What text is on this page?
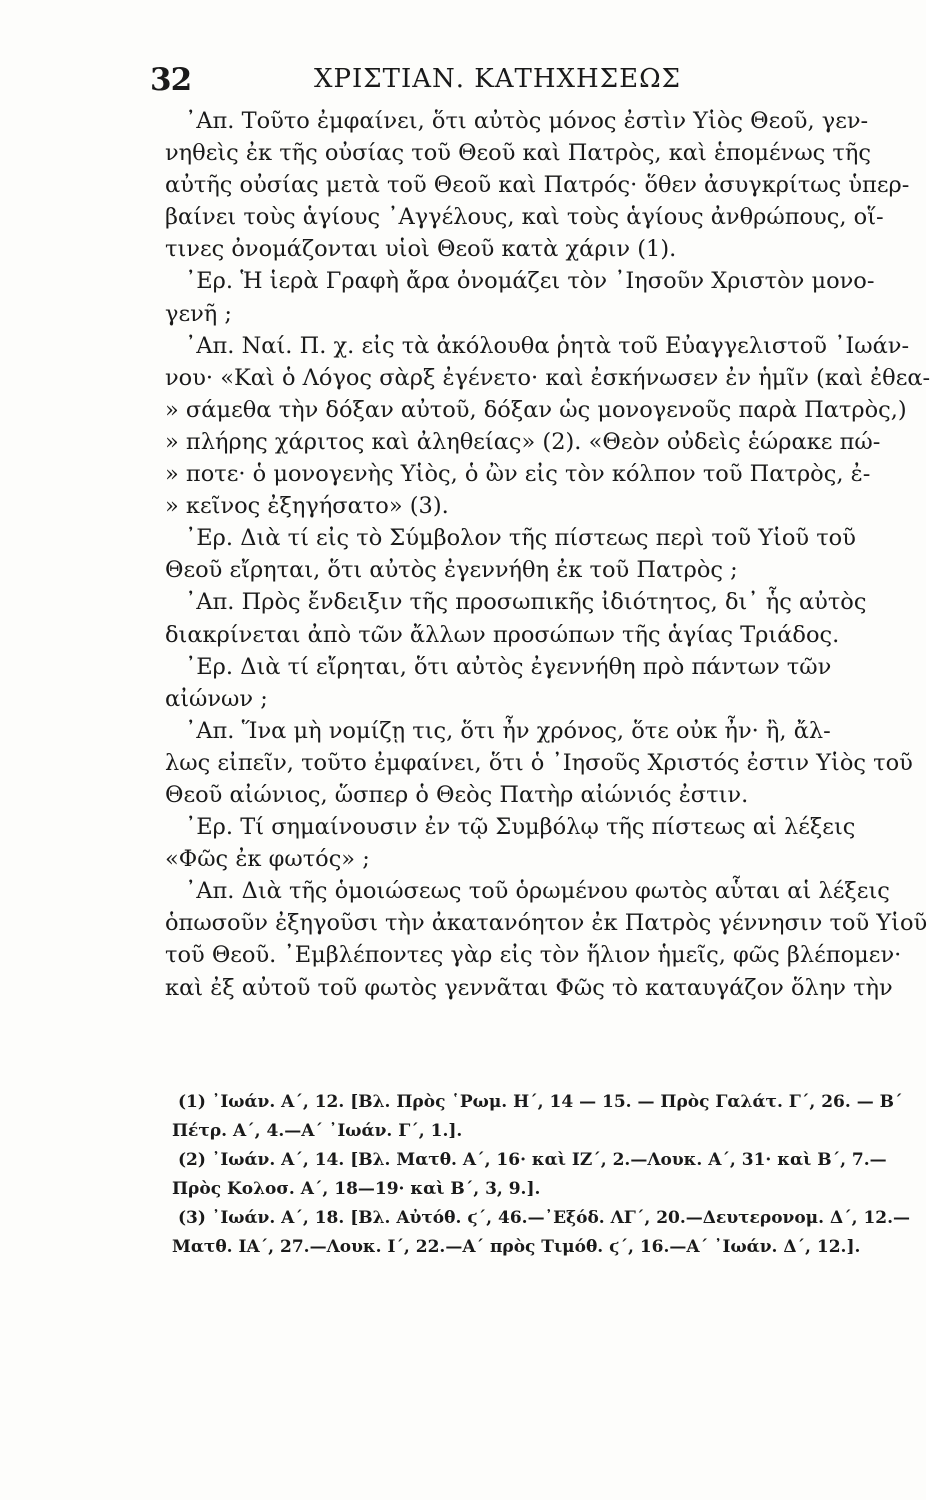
32	ΧΡΙΣΤΙΑΝ. ΚΑΤΗΧΗΣΕΩΣ
᾿Απ. Τοῦτο ἐμφαίνει, ὅτι αὐτὸς μόνος ἐστὶν Υἱὸς Θεοῦ, γεν-
νηθεὶς ἐκ τῆς οὐσίας τοῦ Θεοῦ καὶ Πατρὸς, καὶ ἑπομένως τῆς
αὐτῆς οὐσίας μετὰ τοῦ Θεοῦ καὶ Πατρός· ὅθεν ἀσυγκρίτως ὑπερ-
βαίνει τοὺς ἁγίους ᾿Αγγέλους, καὶ τοὺς ἁγίους ἀνθρώπους, οἵ-
τινες ὀνομάζονται υἱοὶ Θεοῦ κατὰ χάριν (1).
᾿Ερ. Ἡ ἱερὰ Γραφὴ ἄρα ὀνομάζει τὸν ᾿Ιησοῦν Χριστὸν μονο-
γενῆ ;
᾿Απ. Ναί. Π. χ. εἰς τὰ ἀκόλουθα ῥητὰ τοῦ Εὐαγγελιστοῦ ᾿Ιωάν-
νου· «Καὶ ὁ Λόγος σὰρξ ἐγένετο· καὶ ἐσκήνωσεν ἐν ἡμῖν (καὶ ἐθεα-
» σάμεθα τὴν δόξαν αὐτοῦ, δόξαν ὡς μονογενοῦς παρὰ Πατρὸς,)
» πλήρης χάριτος καὶ ἀληθείας» (2). «Θεὸν οὐδεὶς ἑώρακε πώ-
» ποτε· ὁ μονογενὴς Υἱὸς, ὁ ὢν εἰς τὸν κόλπον τοῦ Πατρὸς, ἐ-
» κεῖνος ἐξηγήσατο» (3).
᾿Ερ. Διὰ τί εἰς τὸ Σύμβολον τῆς πίστεως περὶ τοῦ Υἱοῦ τοῦ
Θεοῦ εἴρηται, ὅτι αὐτὸς ἐγεννήθη ἐκ τοῦ Πατρὸς ;
᾿Απ. Πρὸς ἔνδειξιν τῆς προσωπικῆς ἰδιότητος, δι᾿ ἧς αὐτὸς
διακρίνεται ἀπὸ τῶν ἄλλων προσώπων τῆς ἁγίας Τριάδος.
᾿Ερ. Διὰ τί εἴρηται, ὅτι αὐτὸς ἐγεννήθη πρὸ πάντων τῶν
αἰώνων ;
᾿Απ. Ἵνα μὴ νομίζῃ τις, ὅτι ἦν χρόνος, ὅτε οὐκ ἦν· ἢ, ἄλ-
λως εἰπεῖν, τοῦτο ἐμφαίνει, ὅτι ὁ ᾿Ιησοῦς Χριστός ἐστιν Υἱὸς τοῦ
Θεοῦ αἰώνιος, ὥσπερ ὁ Θεὸς Πατὴρ αἰώνιός ἐστιν.
᾿Ερ. Τί σημαίνουσιν ἐν τῷ Συμβόλῳ τῆς πίστεως αἱ λέξεις
«Φῶς ἐκ φωτός» ;
᾿Απ. Διὰ τῆς ὁμοιώσεως τοῦ ὁρωμένου φωτὸς αὗται αἱ λέξεις
ὁπωσοῦν ἐξηγοῦσι τὴν ἀκατανόητον ἐκ Πατρὸς γέννησιν τοῦ Υἱοῦ
τοῦ Θεοῦ. ᾿Εμβλέποντες γὰρ εἰς τὸν ἥλιον ἡμεῖς, φῶς βλέπομεν·
καὶ ἐξ αὐτοῦ τοῦ φωτὸς γεννᾶται Φῶς τὸ καταυγάζον ὅλην τὴν
(1) ᾿Ιωάν. Α΄, 12. [Βλ. Πρὸς ῾Ρωμ. Η΄, 14 — 15. — Πρὸς Γαλάτ. Γ΄, 26. — Β΄
Πέτρ. Α΄, 4.—Α΄ ᾿Ιωάν. Γ΄, 1.].
(2) ᾿Ιωάν. Α΄, 14. [Βλ. Ματθ. Α΄, 16· καὶ ΙΖ΄, 2.—Λουκ. Α΄, 31· καὶ Β΄, 7.—
Πρὸς Κολοσ. Α΄, 18—19· καὶ Β΄, 3, 9.].
(3) ᾿Ιωάν. Α΄, 18. [Βλ. Αὐτόθ. ϛ΄, 46.—᾿Εξόδ. ΛΓ΄, 20.—Δευτερονομ. Δ΄, 12.—
Ματθ. ΙΑ΄, 27.—Λουκ. Ι΄, 22.—Α΄ πρὸς Τιμόθ. ϛ΄, 16.—Α΄ ᾿Ιωάν. Δ΄, 12.].
